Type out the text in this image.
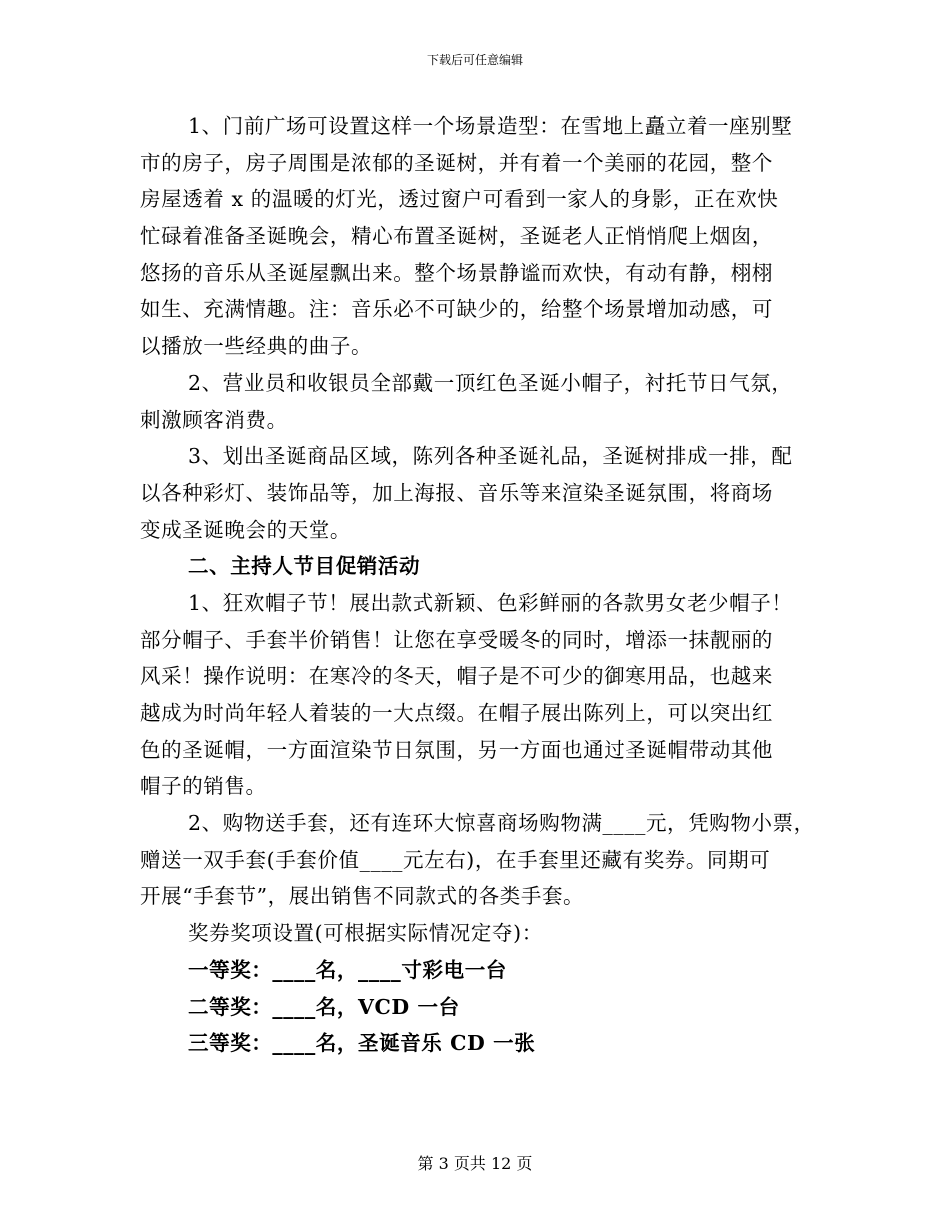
下载后可任意编辑
1、门前广场可设置这样一个场景造型：在雪地上矗立着一座别墅
市的房子，房子周围是浓郁的圣诞树，并有着一个美丽的花园，整个
房屋透着 x 的温暖的灯光，透过窗户可看到一家人的身影，正在欢快
忙碌着准备圣诞晚会，精心布置圣诞树，圣诞老人正悄悄爬上烟囱，
悠扬的音乐从圣诞屋飘出来。整个场景静谧而欢快，有动有静，栩栩
如生、充满情趣。注：音乐必不可缺少的，给整个场景增加动感，可
以播放一些经典的曲子。
2、营业员和收银员全部戴一顶红色圣诞小帽子，衬托节日气氛，
刺激顾客消费。
3、划出圣诞商品区域，陈列各种圣诞礼品，圣诞树排成一排，配
以各种彩灯、装饰品等，加上海报、音乐等来渲染圣诞氛围，将商场
变成圣诞晚会的天堂。
二、主持人节目促销活动
1、狂欢帽子节！展出款式新颖、色彩鲜丽的各款男女老少帽子！
部分帽子、手套半价销售！让您在享受暖冬的同时，增添一抹靓丽的
风采！操作说明：在寒冷的冬天，帽子是不可少的御寒用品，也越来
越成为时尚年轻人着装的一大点缀。在帽子展出陈列上，可以突出红
色的圣诞帽，一方面渲染节日氛围，另一方面也通过圣诞帽带动其他
帽子的销售。
2、购物送手套，还有连环大惊喜商场购物满____元，凭购物小票，
赠送一双手套(手套价值____元左右)，在手套里还藏有奖券。同期可
开展“手套节”，展出销售不同款式的各类手套。
奖券奖项设置(可根据实际情况定夺)：
一等奖：____名，____寸彩电一台
二等奖：____名，VCD 一台
三等奖：____名，圣诞音乐 CD 一张
第 3 页共 12 页
